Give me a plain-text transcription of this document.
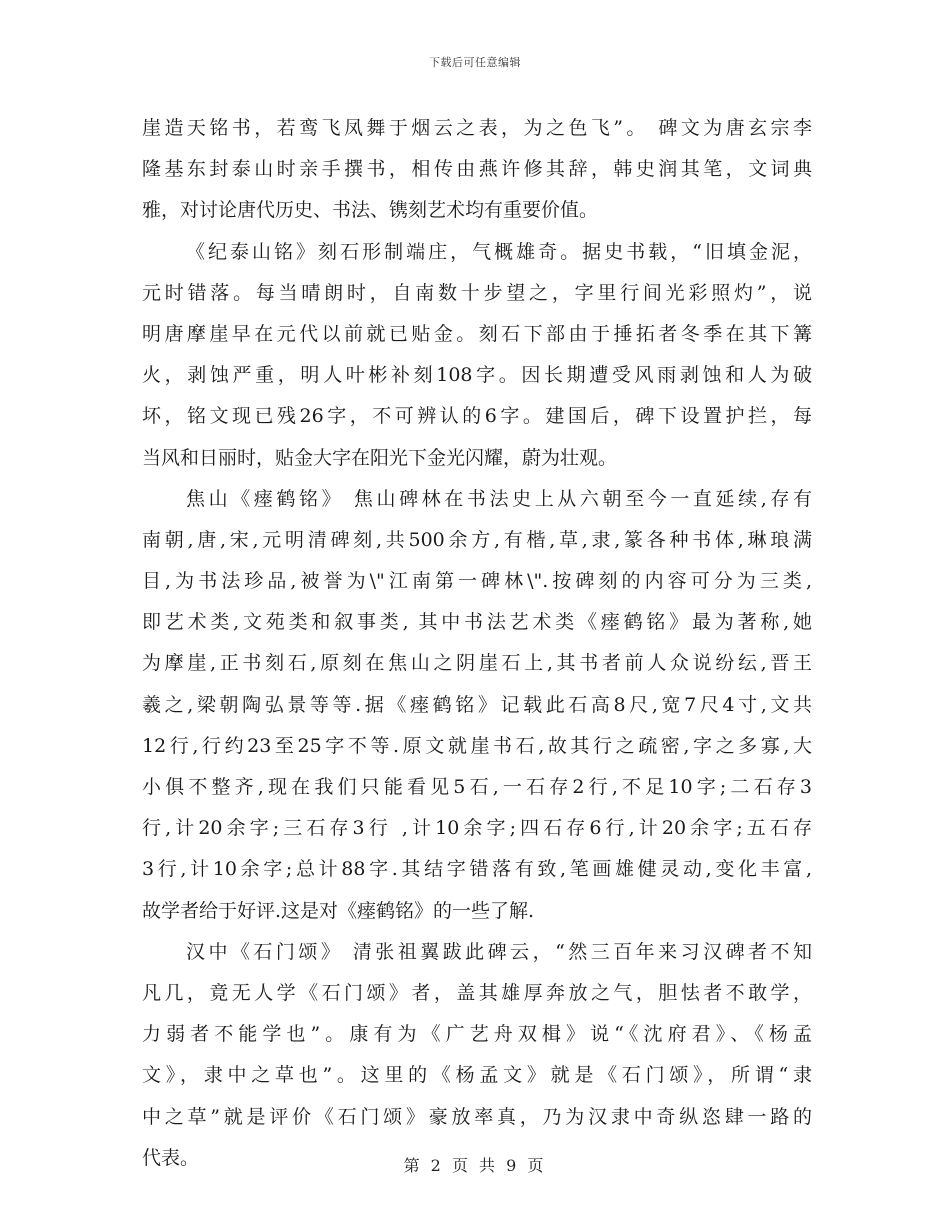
下载后可任意编辑
崖造天铭书，若鸾飞凤舞于烟云之表，为之色飞”。 碑文为唐玄宗李
隆基东封泰山时亲手撰书，相传由燕许修其辞，韩史润其笔，文词典
雅，对讨论唐代历史、书法、镌刻艺术均有重要价值。
《纪泰山铭》刻石形制端庄，气概雄奇。据史书载，“旧填金泥，
元时错落。每当晴朗时，自南数十步望之，字里行间光彩照灼”，说
明唐摩崖早在元代以前就已贴金。刻石下部由于捶拓者冬季在其下篝
火，剥蚀严重，明人叶彬补刻108字。因长期遭受风雨剥蚀和人为破
坏，铭文现已残26字，不可辨认的6字。建国后，碑下设置护拦，每
当风和日丽时，贴金大字在阳光下金光闪耀，蔚为壮观。
焦山《瘗鹤铭》 焦山碑林在书法史上从六朝至今一直延续,存有
南朝,唐,宋,元明清碑刻,共500余方,有楷,草,隶,篆各种书体,琳琅满
目,为书法珍品,被誉为\"江南第一碑林\".按碑刻的内容可分为三类,
即艺术类,文苑类和叙事类, 其中书法艺术类《瘗鹤铭》最为著称,她
为摩崖,正书刻石,原刻在焦山之阴崖石上,其书者前人众说纷纭,晋王
羲之,梁朝陶弘景等等.据《瘗鹤铭》记载此石高8尺,宽7尺4寸,文共
12行,行约23至25字不等.原文就崖书石,故其行之疏密,字之多寡,大
小俱不整齐,现在我们只能看见5石,一石存2行,不足10字;二石存3
行,计20余字;三石存3行 ,计10余字;四石存6行,计20余字;五石存
3行,计10余字;总计88字.其结字错落有致,笔画雄健灵动,变化丰富,
故学者给于好评.这是对《瘗鹤铭》的一些了解.
汉中《石门颂》 清张祖翼跋此碑云，“然三百年来习汉碑者不知
凡几，竟无人学《石门颂》者，盖其雄厚奔放之气，胆怯者不敢学，
力弱者不能学也”。康有为《广艺舟双楫》说“《沈府君》、《杨孟
文》，隶中之草也”。这里的《杨孟文》就是《石门颂》，所谓“隶
中之草”就是评价《石门颂》豪放率真，乃为汉隶中奇纵恣肆一路的
代表。	第 2 页 共 9 页
